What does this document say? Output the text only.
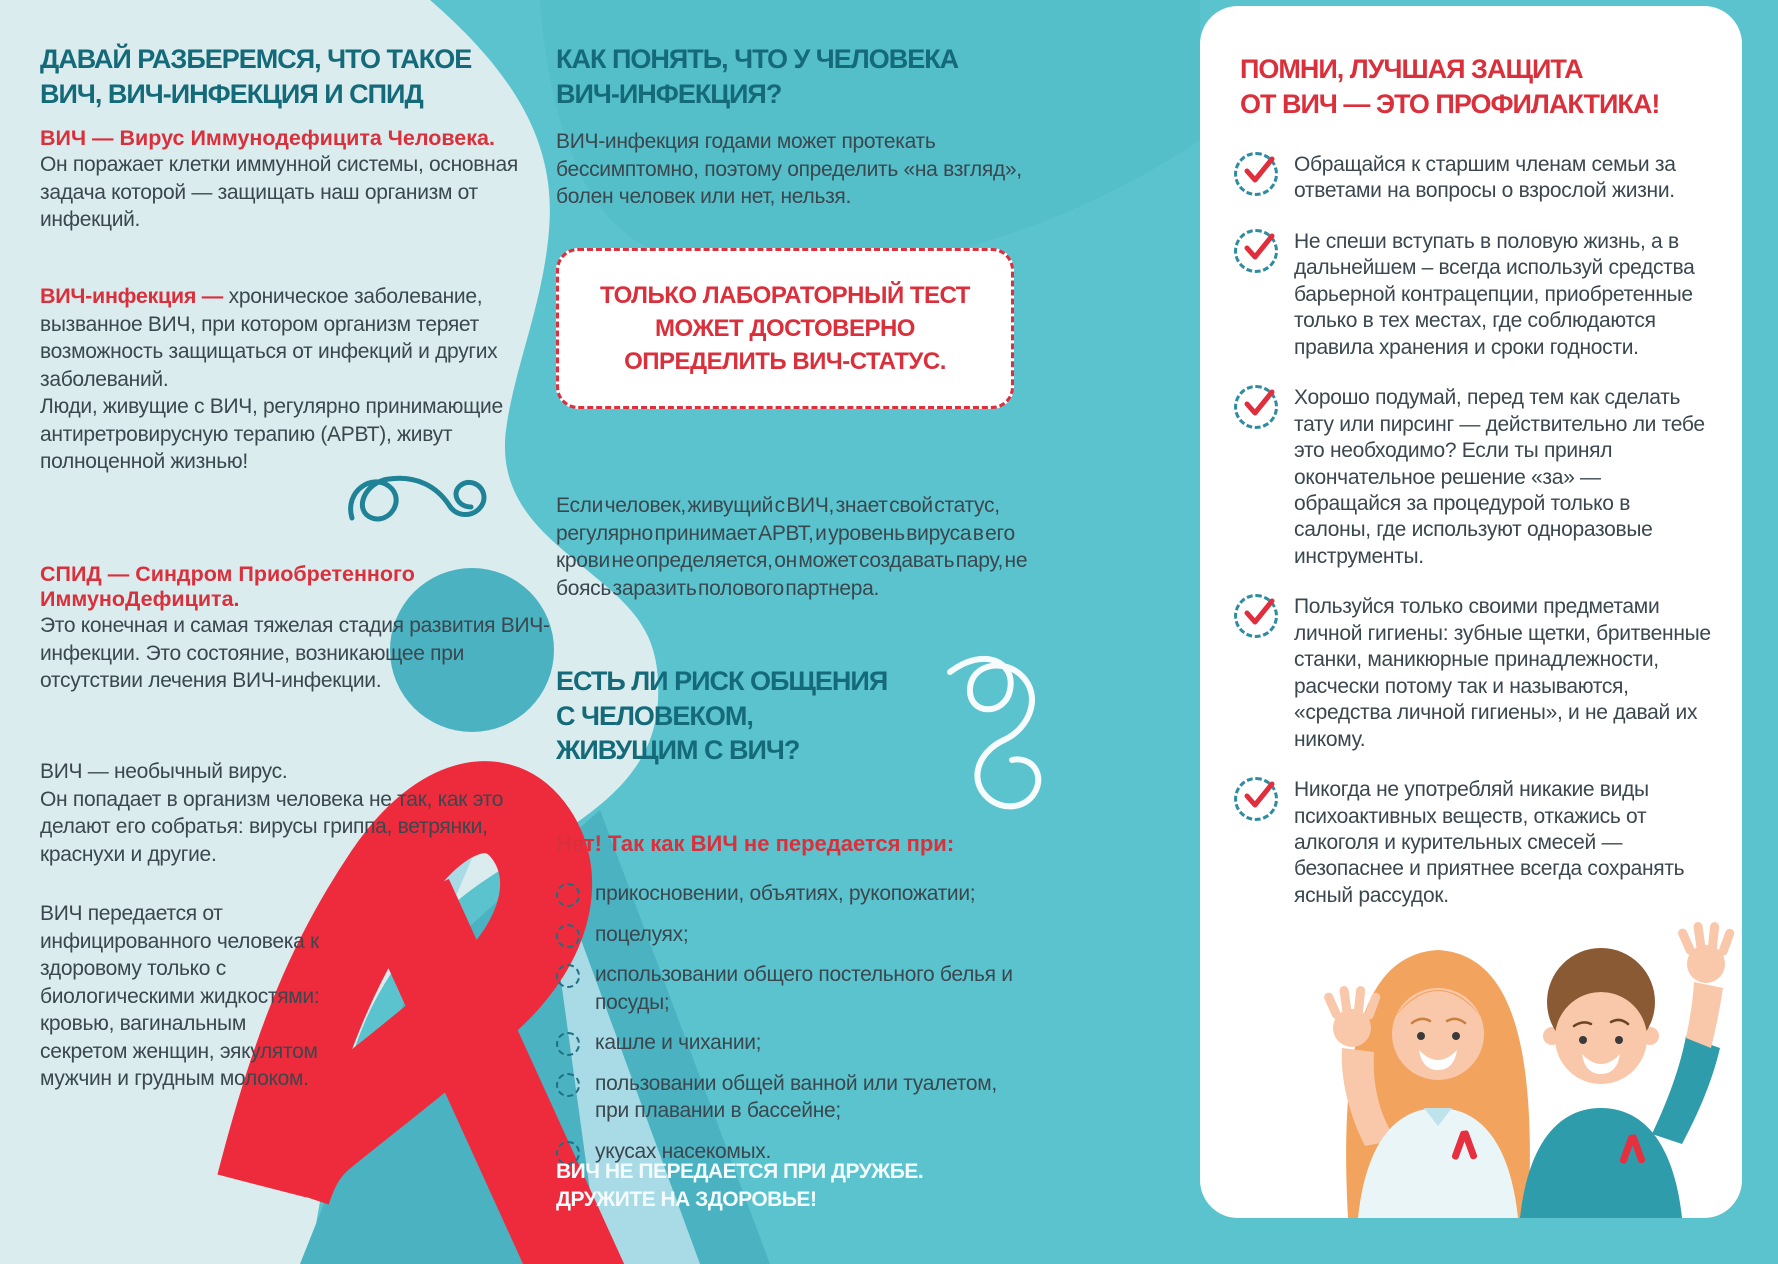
ДАВАЙ РАЗБЕРЕМСЯ, ЧТО ТАКОЕ
ВИЧ, ВИЧ-ИНФЕКЦИЯ И СПИД
ВИЧ — Вирус Иммунодефицита Человека.
Он поражает клетки иммунной системы, основная задача которой — защищать наш организм от инфекций.

ВИЧ-инфекция — хроническое заболевание, вызванное ВИЧ, при котором организм теряет возможность защищаться от инфекций и других заболеваний.

Люди, живущие с ВИЧ, регулярно принимающие антиретровирусную терапию (АРВТ), живут полноценной жизнью!

СПИД — Синдром Приобретенного ИммуноДефицита.
Это конечная и самая тяжелая стадия развития ВИЧ-инфекции. Это состояние, возникающее при отсутствии лечения ВИЧ-инфекции.
ВИЧ — необычный вирус.
Он попадает в организм человека не так, как это делают его собратья: вирусы гриппа, ветрянки, краснухи и другие.
ВИЧ передается от инфицированного человека к здоровому только с биологическими жидкостями: кровью, вагинальным секретом женщин, эякулятом мужчин и грудным молоком.
КАК ПОНЯТЬ, ЧТО У ЧЕЛОВЕКА
ВИЧ-ИНФЕКЦИЯ?
ВИЧ-инфекция годами может протекать бессимптомно, поэтому определить «на взгляд», болен человек или нет, нельзя.
ТОЛЬКО ЛАБОРАТОРНЫЙ ТЕСТ
МОЖЕТ ДОСТОВЕРНО
ОПРЕДЕЛИТЬ ВИЧ-СТАТУС.
Если человек, живущий с ВИЧ, знает свой статус, регулярно принимает АРВТ, и уровень вируса в его крови не определяется, он может создавать пару, не боясь заразить полового партнера.
ЕСТЬ ЛИ РИСК ОБЩЕНИЯ
С ЧЕЛОВЕКОМ,
ЖИВУЩИМ С ВИЧ?
Нет! Так как ВИЧ не передается при:
прикосновении, объятиях, рукопожатии;
поцелуях;
использовании общего постельного белья и посуды;
кашле и чихании;
пользовании общей ванной или туалетом, при плавании в бассейне;
укусах насекомых.
ВИЧ НЕ ПЕРЕДАЕТСЯ ПРИ ДРУЖБЕ.
ДРУЖИТЕ НА ЗДОРОВЬЕ!
ПОМНИ, ЛУЧШАЯ ЗАЩИТА
ОТ ВИЧ — ЭТО ПРОФИЛАКТИКА!
Обращайся к старшим членам семьи за ответами на вопросы о взрослой жизни.
Не спеши вступать в половую жизнь, а в дальнейшем – всегда используй средства барьерной контрацепции, приобретенные только в тех местах, где соблюдаются правила хранения и сроки годности.
Хорошо подумай, перед тем как сделать тату или пирсинг — действительно ли тебе это необходимо? Если ты принял окончательное решение «за» — обращайся за процедурой только в салоны, где используют одноразовые инструменты.
Пользуйся только своими предметами личной гигиены: зубные щетки, бритвенные станки, маникюрные принадлежности, расчески потому так и называются, «средства личной гигиены», и не давай их никому.
Никогда не употребляй никакие виды психоактивных веществ, откажись от алкоголя и курительных смесей — безопаснее и приятнее всегда сохранять ясный рассудок.
